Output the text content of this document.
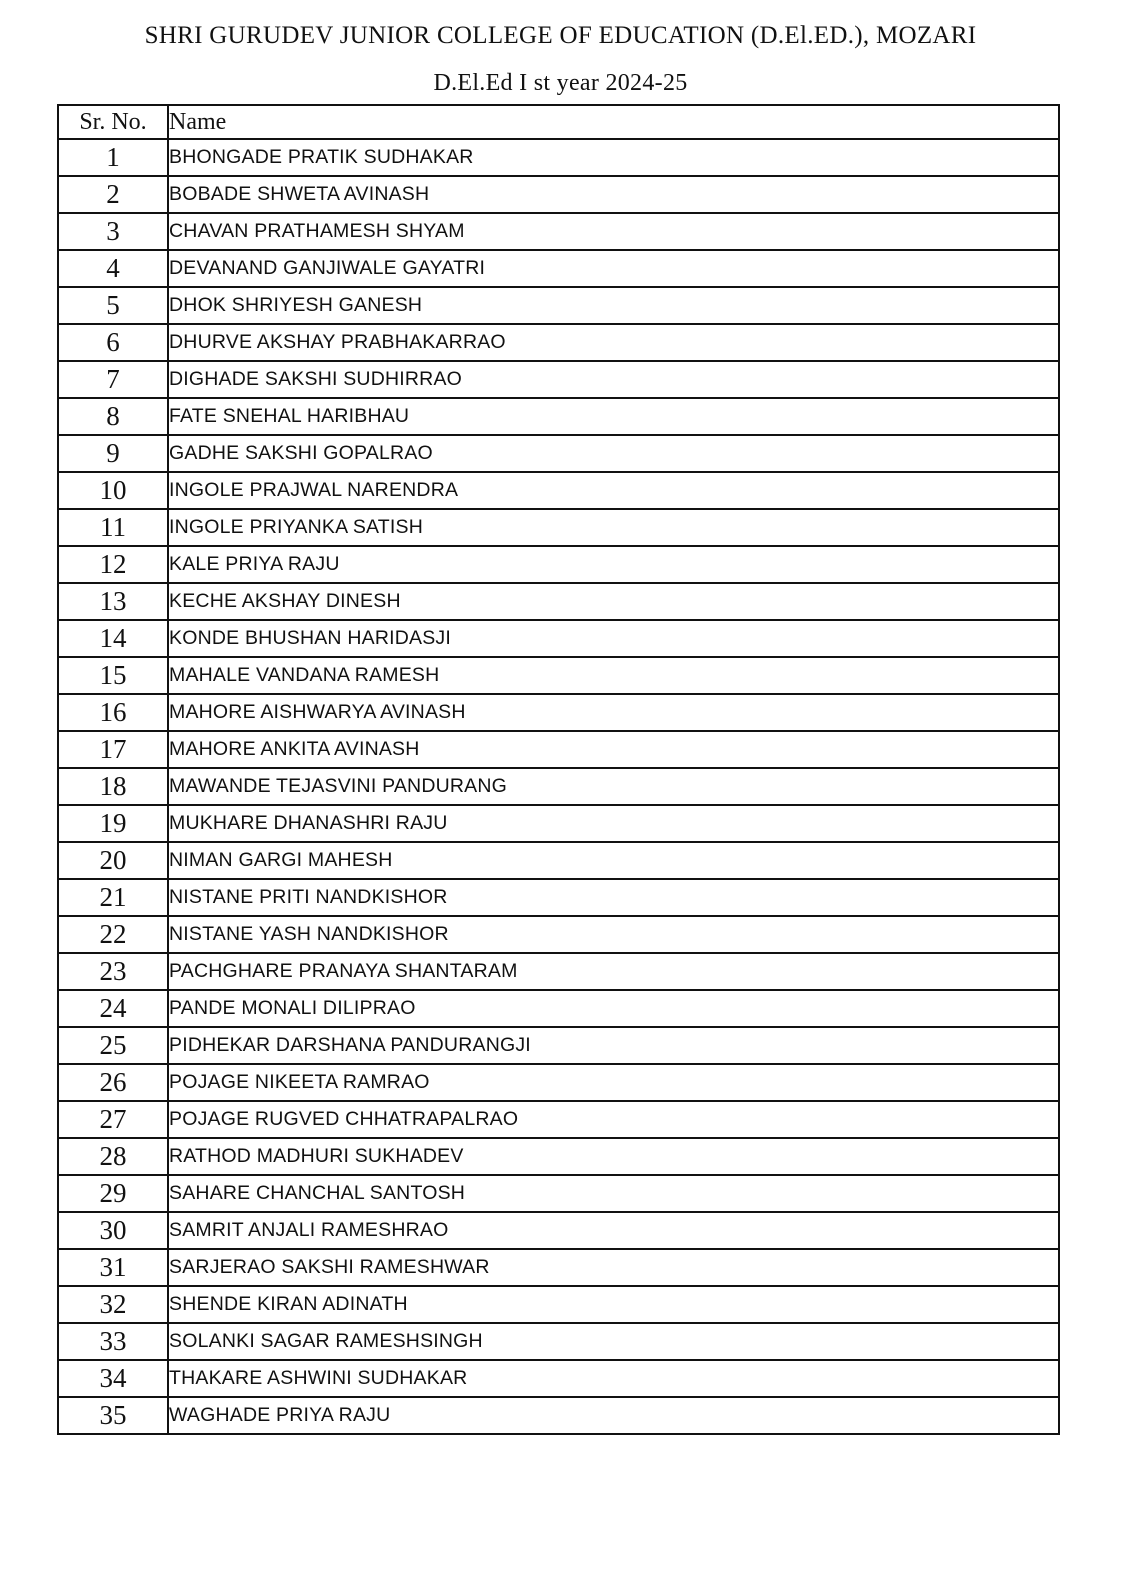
SHRI GURUDEV JUNIOR COLLEGE OF EDUCATION (D.El.ED.), MOZARI
D.El.Ed I st year 2024-25
Sr. No.	Name
1	BHONGADE PRATIK SUDHAKAR
2	BOBADE SHWETA AVINASH
3	CHAVAN PRATHAMESH SHYAM
4	DEVANAND GANJIWALE GAYATRI
5	DHOK SHRIYESH GANESH
6	DHURVE AKSHAY PRABHAKARRAO
7	DIGHADE SAKSHI SUDHIRRAO
8	FATE SNEHAL HARIBHAU
9	GADHE SAKSHI GOPALRAO
10	INGOLE PRAJWAL NARENDRA
11	INGOLE PRIYANKA SATISH
12	KALE PRIYA RAJU
13	KECHE AKSHAY DINESH
14	KONDE BHUSHAN HARIDASJI
15	MAHALE VANDANA RAMESH
16	MAHORE AISHWARYA AVINASH
17	MAHORE ANKITA AVINASH
18	MAWANDE TEJASVINI PANDURANG
19	MUKHARE DHANASHRI RAJU
20	NIMAN GARGI MAHESH
21	NISTANE PRITI NANDKISHOR
22	NISTANE YASH NANDKISHOR
23	PACHGHARE PRANAYA SHANTARAM
24	PANDE MONALI DILIPRAO
25	PIDHEKAR DARSHANA PANDURANGJI
26	POJAGE NIKEETA RAMRAO
27	POJAGE RUGVED CHHATRAPALRAO
28	RATHOD MADHURI SUKHADEV
29	SAHARE CHANCHAL SANTOSH
30	SAMRIT ANJALI RAMESHRAO
31	SARJERAO SAKSHI RAMESHWAR
32	SHENDE KIRAN ADINATH
33	SOLANKI SAGAR RAMESHSINGH
34	THAKARE ASHWINI SUDHAKAR
35	WAGHADE PRIYA RAJU
